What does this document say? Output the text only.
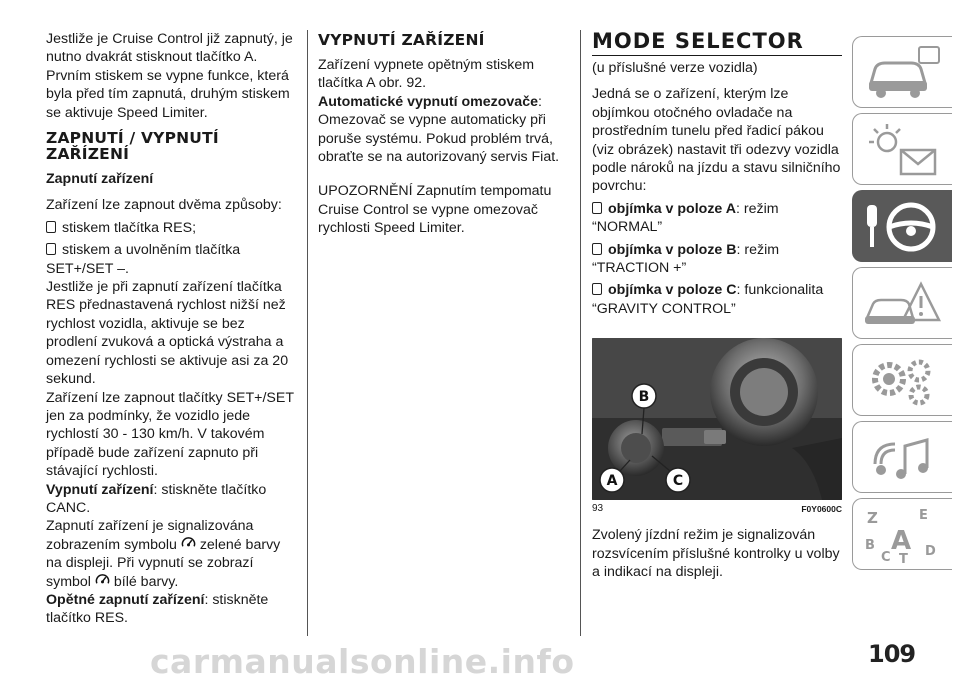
Jestliže je Cruise Control již zapnutý, je nutno dvakrát stisknout tlačítko A. Prvním stiskem se vypne funkce, která byla před tím zapnutá, druhým stiskem se aktivuje Speed Limiter.

ZAPNUTÍ / VYPNUTÍ
ZAŘÍZENÍ

Zapnutí zařízení

Zařízení lze zapnout dvěma způsoby:

stiskem tlačítka RES;

stiskem a uvolněním tlačítka
SET+/SET –.

Jestliže je při zapnutí zařízení tlačítka RES přednastavená rychlost nižší než rychlost vozidla, aktivuje se bez prodlení zvuková a optická výstraha a omezení rychlosti se aktivuje asi za 20 sekund.

Zařízení lze zapnout tlačítky SET+/SET jen za podmínky, že vozidlo jede rychlostí 30 - 130 km/h. V takovém případě bude zařízení zapnuto při stávající rychlosti.

Vypnutí zařízení: stiskněte tlačítko CANC.

Zapnutí zařízení je signalizována zobrazením symbolu zelené barvy na displeji. Při vypnutí se zobrazí symbol bílé barvy.

Opětné zapnutí zařízení: stiskněte tlačítko RES.

VYPNUTÍ ZAŘÍZENÍ

Zařízení vypnete opětným stiskem tlačítka A obr. 92.

Automatické vypnutí omezovače: Omezovač se vypne automaticky při poruše systému. Pokud problém trvá, obraťte se na autorizovaný servis Fiat.

UPOZORNĚNÍ Zapnutím tempomatu Cruise Control se vypne omezovač rychlosti Speed Limiter.

MODE SELECTOR

(u příslušné verze vozidla)

Jedná se o zařízení, kterým lze objímkou otočného ovladače na prostředním tunelu před řadicí pákou (viz obrázek) nastavit tři odezvy vozidla podle nároků na jízdu a stavu silničního povrchu:

objímka v poloze A: režim “NORMAL”

objímka v poloze B: režim “TRACTION +”

objímka v poloze C: funkcionalita “GRAVITY CONTROL”

B
A	C
93	F0Y0600C

Zvolený jízdní režim je signalizován rozsvícením příslušné kontrolky u volby a indikací na displeji.

Z	E
B A
C T
D
carmanualsonline.info	109
